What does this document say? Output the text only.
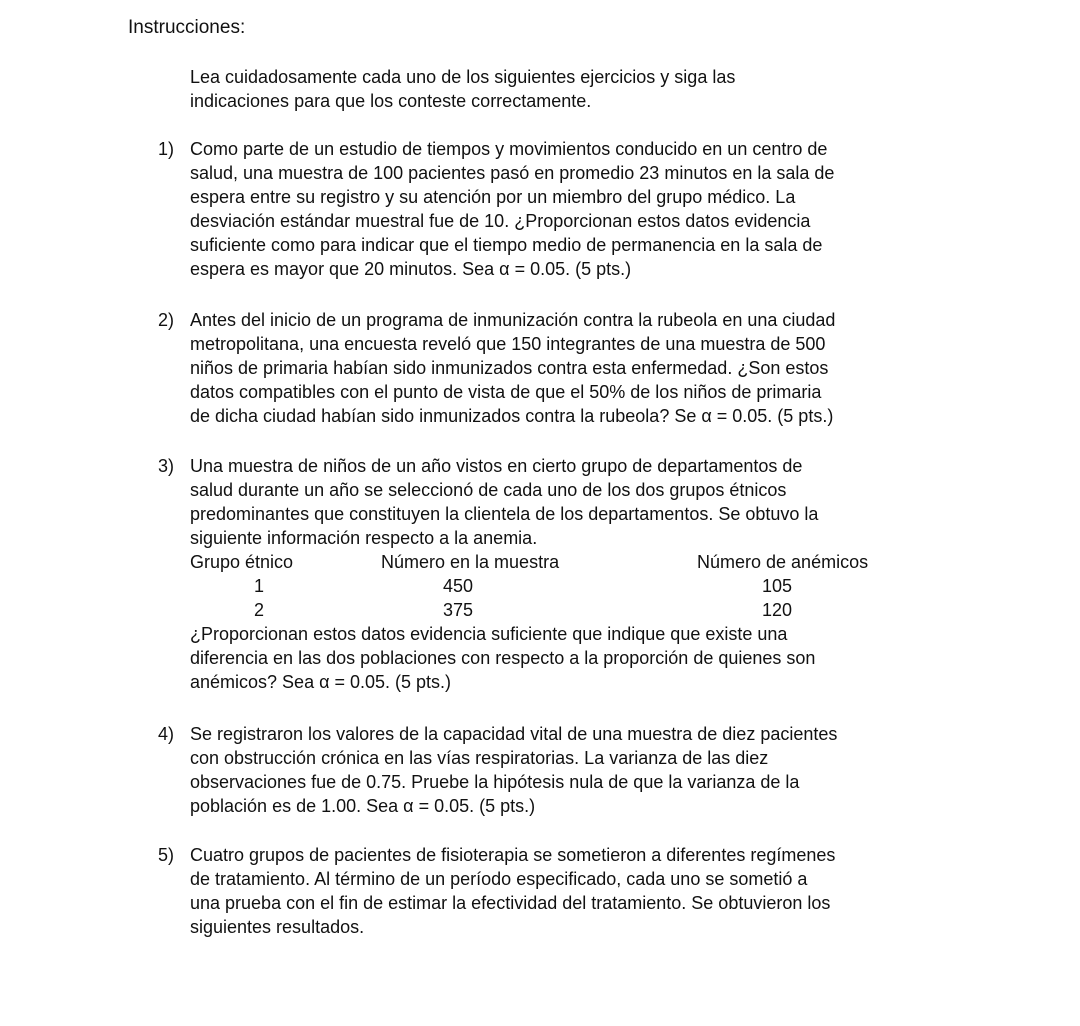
Instrucciones:
Lea cuidadosamente cada uno de los siguientes ejercicios y siga las
indicaciones para que los conteste correctamente.
1) Como parte de un estudio de tiempos y movimientos conducido en un centro de
salud, una muestra de 100 pacientes pasó en promedio 23 minutos en la sala de
espera entre su registro y su atención por un miembro del grupo médico. La
desviación estándar muestral fue de 10. ¿Proporcionan estos datos evidencia
suficiente como para indicar que el tiempo medio de permanencia en la sala de
espera es mayor que 20 minutos. Sea α = 0.05. (5 pts.)
2) Antes del inicio de un programa de inmunización contra la rubeola en una ciudad
metropolitana, una encuesta reveló que 150 integrantes de una muestra de 500
niños de primaria habían sido inmunizados contra esta enfermedad. ¿Son estos
datos compatibles con el punto de vista de que el 50% de los niños de primaria
de dicha ciudad habían sido inmunizados contra la rubeola? Se α = 0.05. (5 pts.)
3) Una muestra de niños de un año vistos en cierto grupo de departamentos de
salud durante un año se seleccionó de cada uno de los dos grupos étnicos
predominantes que constituyen la clientela de los departamentos. Se obtuvo la
siguiente información respecto a la anemia.
Grupo étnico	Número en la muestra	Número de anémicos
1	450	105
2	375	120
¿Proporcionan estos datos evidencia suficiente que indique que existe una
diferencia en las dos poblaciones con respecto a la proporción de quienes son
anémicos? Sea α = 0.05. (5 pts.)
4) Se registraron los valores de la capacidad vital de una muestra de diez pacientes
con obstrucción crónica en las vías respiratorias. La varianza de las diez
observaciones fue de 0.75. Pruebe la hipótesis nula de que la varianza de la
población es de 1.00. Sea α = 0.05. (5 pts.)
5) Cuatro grupos de pacientes de fisioterapia se sometieron a diferentes regímenes
de tratamiento. Al término de un período especificado, cada uno se sometió a
una prueba con el fin de estimar la efectividad del tratamiento. Se obtuvieron los
siguientes resultados.
